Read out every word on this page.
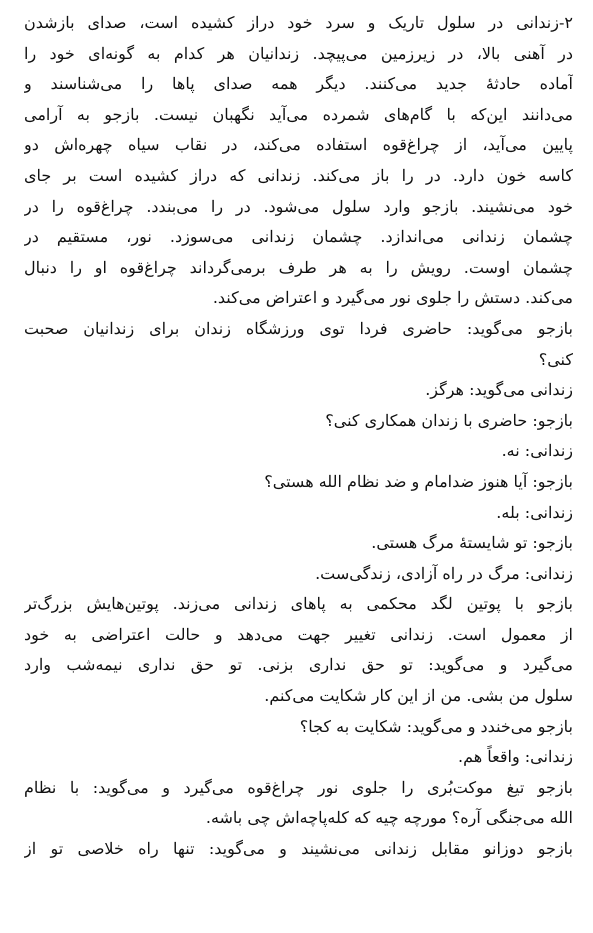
۲-زندانی در سلول تاریک و سرد خود دراز کشیده است، صدای بازشدن
در آهنی بالا، در زیرزمین می‌پیچد. زندانیان هر کدام به گونه‌ای خود را
آماده حادثهٔ جدید می‌کنند. دیگر همه صدای پاها را می‌شناسند و
می‌دانند این‌که با گام‌های شمرده می‌آید نگهبان نیست. بازجو به آرامی
پایین می‌آید، از چراغ‌قوه استفاده می‌کند، در نقاب سیاه چهره‌اش دو
کاسه خون دارد. در را باز می‌کند. زندانی که دراز کشیده است بر جای
خود می‌نشیند. بازجو وارد سلول می‌شود. در را می‌بندد. چراغ‌قوه را در
چشمان زندانی می‌اندازد. چشمان زندانی می‌سوزد. نور، مستقیم در
چشمان اوست. رویش را به هر طرف برمی‌گرداند چراغ‌قوه او را دنبال
می‌کند. دستش را جلوی نور می‌گیرد و اعتراض می‌کند.
بازجو می‌گوید: حاضری فردا توی ورزشگاه زندان برای زندانیان صحبت
کنی؟
زندانی می‌گوید: هرگز.
بازجو: حاضری با زندان همکاری کنی؟
زندانی: نه.
بازجو: آیا هنوز ضدامام و ضد نظام الله هستی؟
زندانی: بله.
بازجو: تو شایستهٔ مرگ هستی.
زندانی: مرگ در راه آزادی، زندگی‌ست.
بازجو با پوتین لگد محکمی به پاهای زندانی می‌زند. پوتین‌هایش بزرگ‌تر
از معمول است. زندانی تغییر جهت می‌دهد و حالت اعتراضی به خود
می‌گیرد و می‌گوید: تو حق نداری بزنی. تو حق نداری نیمه‌شب وارد
سلول من بشی. من از این کار شکایت می‌کنم.
بازجو می‌خندد و می‌گوید: شکایت به کجا؟
زندانی: واقعاً هم.
بازجو تیغ موکت‌بُری را جلوی نور چراغ‌قوه می‌گیرد و می‌گوید: با نظام
الله می‌جنگی آره؟ مورچه چیه که کله‌پاچه‌اش چی باشه.
بازجو دوزانو مقابل زندانی می‌نشیند و می‌گوید: تنها راه خلاصی تو از
